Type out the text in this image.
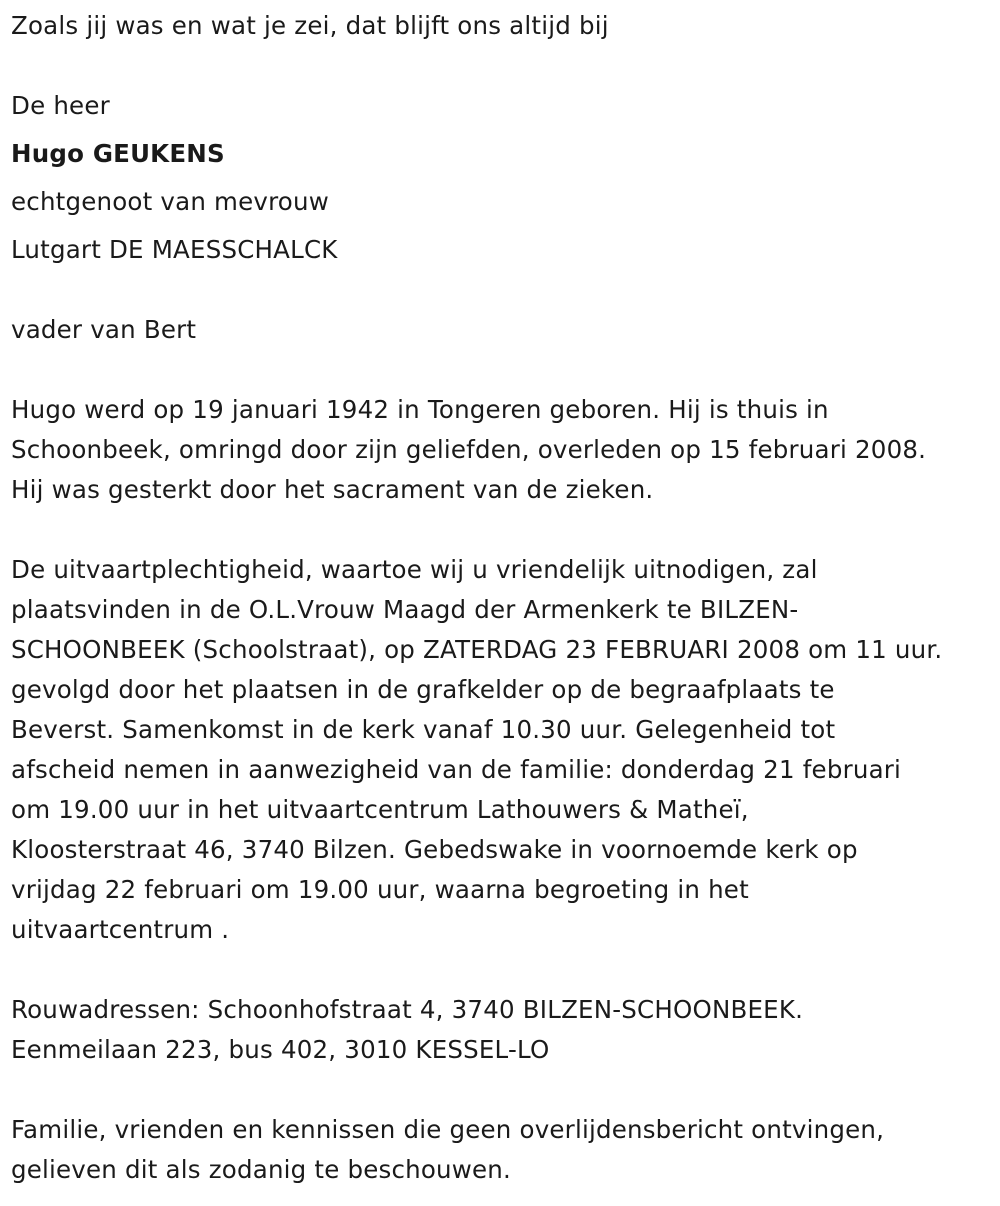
Zoals jij was en wat je zei, dat blijft ons altijd bij
De heer
Hugo GEUKENS
echtgenoot van mevrouw
Lutgart DE MAESSCHALCK
vader van Bert
Hugo werd op 19 januari 1942 in Tongeren geboren. Hij is thuis in
Schoonbeek, omringd door zijn geliefden, overleden op 15 februari 2008.
Hij was gesterkt door het sacrament van de zieken.
De uitvaartplechtigheid, waartoe wij u vriendelijk uitnodigen, zal
plaatsvinden in de O.L.Vrouw Maagd der Armenkerk te BILZEN-
SCHOONBEEK (Schoolstraat), op ZATERDAG 23 FEBRUARI 2008 om 11 uur.
gevolgd door het plaatsen in de grafkelder op de begraafplaats te
Beverst. Samenkomst in de kerk vanaf 10.30 uur. Gelegenheid tot
afscheid nemen in aanwezigheid van de familie: donderdag 21 februari
om 19.00 uur in het uitvaartcentrum Lathouwers & Matheï,
Kloosterstraat 46, 3740 Bilzen. Gebedswake in voornoemde kerk op
vrijdag 22 februari om 19.00 uur, waarna begroeting in het
uitvaartcentrum .
Rouwadressen: Schoonhofstraat 4, 3740 BILZEN-SCHOONBEEK.
Eenmeilaan 223, bus 402, 3010 KESSEL-LO
Familie, vrienden en kennissen die geen overlijdensbericht ontvingen,
gelieven dit als zodanig te beschouwen.
